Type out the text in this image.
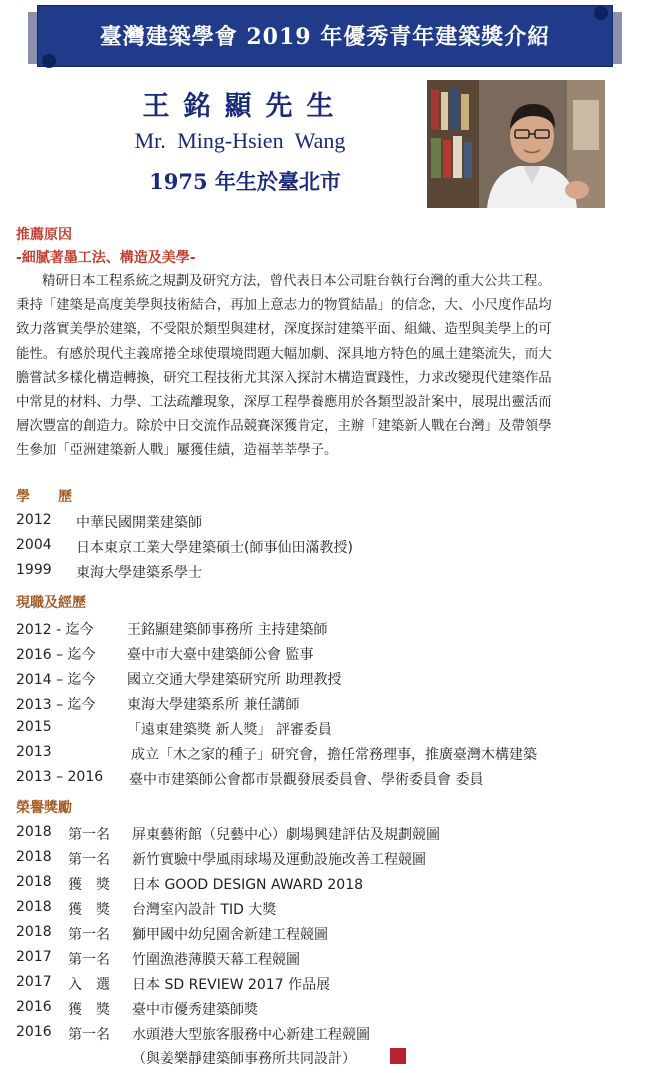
臺灣建築學會 2019 年優秀青年建築獎介紹
王銘顯先生
Mr. Ming-Hsien Wang
1975 年生於臺北市
推薦原因
-細膩著墨工法、構造及美學-
精研日本工程系統之規劃及研究方法，曾代表日本公司駐台執行台灣的重大公共工程。
秉持「建築是高度美學與技術結合，再加上意志力的物質結晶」的信念，大、小尺度作品均
致力落實美學於建築，不受限於類型與建材，深度探討建築平面、組織、造型與美學上的可
能性。有感於現代主義席捲全球使環境問題大幅加劇、深具地方特色的風土建築流失，而大
膽嘗試多樣化構造轉換，研究工程技術尤其深入探討木構造實踐性，力求改變現代建築作品
中常見的材料、力學、工法疏離現象，深厚工程學養應用於各類型設計案中，展現出靈活而
層次豐富的創造力。除於中日交流作品競賽深獲肯定，主辦「建築新人戰在台灣」及帶領學
生參加「亞洲建築新人戰」屢獲佳績，造福莘莘學子。
學　　歷
2012 中華民國開業建築師
2004 日本東京工業大學建築碩士(師事仙田滿教授)
1999 東海大學建築系學士
現職及經歷
2012 - 迄今 王銘顯建築師事務所 主持建築師
2016 – 迄今 臺中市大臺中建築師公會 監事
2014 – 迄今 國立交通大學建築研究所 助理教授
2013 – 迄今 東海大學建築系所 兼任講師
2015	「遠東建築獎 新人獎」 評審委員
2013	成立「木之家的種子」研究會，擔任常務理事，推廣臺灣木構建築
2013 – 2016 臺中市建築師公會都市景觀發展委員會、學術委員會 委員
榮譽獎勵
2018 第一名 屏東藝術館（兒藝中心）劇場興建評估及規劃競圖
2018 第一名 新竹實驗中學風雨球場及運動設施改善工程競圖
2018 獲　獎 日本 GOOD DESIGN AWARD 2018
2018 獲　獎 台灣室內設計 TID 大獎
2018 第一名 獅甲國中幼兒園舍新建工程競圖
2017 第一名 竹圍漁港薄膜天幕工程競圖
2017 入　選 日本 SD REVIEW 2017 作品展
2016 獲　獎 臺中市優秀建築師獎
2016 第一名 水頭港大型旅客服務中心新建工程競圖
（與姜樂靜建築師事務所共同設計）
